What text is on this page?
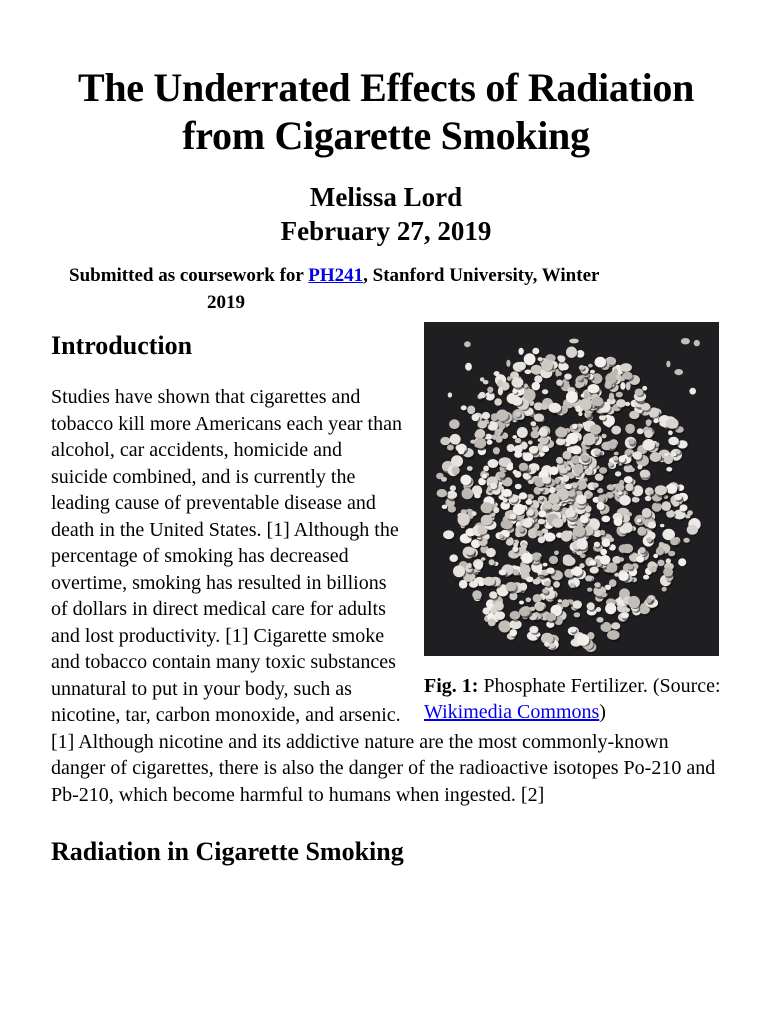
The Underrated Effects of Radiation from Cigarette Smoking
Melissa Lord
February 27, 2019
Submitted as coursework for PH241, Stanford University, Winter
2019
Fig. 1: Phosphate Fertilizer. (Source: Wikimedia Commons)
Introduction

Studies have shown that cigarettes and tobacco kill more Americans each year than alcohol, car accidents, homicide and suicide combined, and is currently the leading cause of preventable disease and death in the United States. [1] Although the percentage of smoking has decreased overtime, smoking has resulted in billions of dollars in direct medical care for adults and lost productivity. [1] Cigarette smoke and tobacco contain many toxic substances unnatural to put in your body, such as nicotine, tar, carbon monoxide, and arsenic. [1] Although nicotine and its addictive nature are the most commonly-known danger of cigarettes, there is also the danger of the radioactive isotopes Po-210 and Pb-210, which become harmful to humans when ingested. [2]

Radiation in Cigarette Smoking
